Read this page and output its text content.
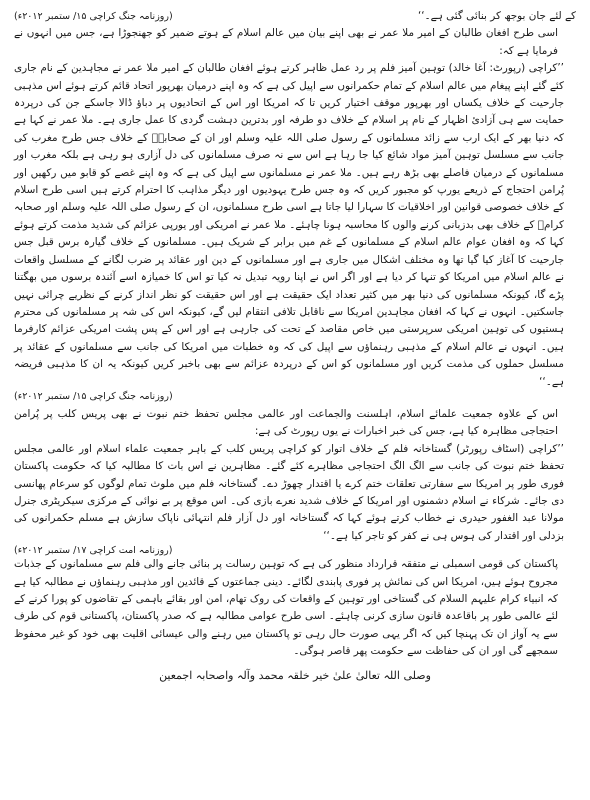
کے لئے جان بوجھ کر بنائی گئی ہے۔‘‘
(روزنامہ جنگ کراچی ۱۵/ ستمبر ۲۰۱۲ء)

اسی طرح افغان طالبان کے امیر ملا عمر نے بھی اپنے بیان میں عالم اسلام کے ہوتے ضمیر کو جھنجوڑا ہے، جس میں انہوں نے فرمایا ہے کہ:

’’کراچی (رپورٹ: آغا خالد) توہین آمیز فلم پر رد عمل ظاہر کرتے ہوئے افغان طالبان کے امیر ملا عمر نے مجاہدین کے نام جاری کئے گئے اپنے پیغام میں عالم اسلام کے تمام حکمرانوں سے اپیل کی ہے کہ وہ اپنے درمیان بھرپور اتحاد قائم کرتے ہوئے اس مذہبی جارحیت کے خلاف یکساں اور بھرپور موقف اختیار کریں تا کہ امریکا اور اس کے اتحادیوں پر دباؤ ڈالا جاسکے جن کی درپردہ حمایت سے ہی آزادیٔ اظہار کے نام پر اسلام کے خلاف دو طرفہ اور بدترین دہشت گردی کا عمل جاری ہے۔ ملا عمر نے کہا ہے کہ دنیا بھر کے ایک ارب سے زائد مسلمانوں کے رسول صلی اللہ علیہ وسلم اور ان کے صحابہؓ کے خلاف جس طرح مغرب کی جانب سے مسلسل توہین آمیز مواد شائع کیا جا رہا ہے اس سے نہ صرف مسلمانوں کی دل آزاری ہو رہی ہے بلکہ مغرب اور مسلمانوں کے درمیان فاصلے بھی بڑھ رہے ہیں۔ ملا عمر نے مسلمانوں سے اپیل کی ہے کہ وہ اپنے غصے کو قابو میں رکھیں اور پُرامن احتجاج کے ذریعے یورپ کو مجبور کریں کہ وہ جس طرح یہودیوں اور دیگر مذاہب کا احترام کرتے ہیں اسی طرح اسلام کے خلاف خصوصی قوانین اور اخلاقیات کا سہارا لیا جاتا ہے اسی طرح مسلمانوں، ان کے رسول صلی اللہ علیہ وسلم اور صحابہ کرامؓ کے خلاف بھی بدزبانی کرنے والوں کا محاسبہ ہونا چاہئے۔ ملا عمر نے امریکی اور یورپی عزائم کی شدید مذمت کرتے ہوئے کہا کہ وہ افغان عوام عالم اسلام کے مسلمانوں کے غم میں برابر کے شریک ہیں۔ مسلمانوں کے خلاف گیارہ برس قبل جس جارحیت کا آغاز کیا گیا تھا وہ مختلف اشکال میں جاری ہے اور مسلمانوں کے دین اور عقائد پر ضرب لگانے کے مسلسل واقعات نے عالم اسلام میں امریکا کو تنہا کر دیا ہے اور اگر اس نے اپنا رویہ تبدیل نہ کیا تو اس کا خمیازہ اسے آئندہ برسوں میں بھگتنا پڑے گا، کیونکہ مسلمانوں کی دنیا بھر میں کثیر تعداد ایک حقیقت ہے اور اس حقیقت کو نظر انداز کرنے کے نظریے چرائی نہیں جاسکتیں۔ انہوں نے کہا کہ افغان مجاہدین امریکا سے ناقابل تلافی انتقام لیں گے، کیونکہ اس کی شہ پر مسلمانوں کی محترم ہستیوں کی توہین امریکی سرپرستی میں خاص مقاصد کے تحت کی جارہی ہے اور اس کے پس پشت امریکی عزائم کارفرما ہیں۔ انہوں نے عالم اسلام کے مذہبی رہنماؤں سے اپیل کی کہ وہ خطبات میں امریکا کی جانب سے مسلمانوں کے عقائد پر مسلسل حملوں کی مذمت کریں اور مسلمانوں کو اس کے درپردہ عزائم سے بھی باخبر کریں کیونکہ یہ ان کا مذہبی فریضہ ہے۔‘‘

(روزنامہ جنگ کراچی ۱۵/ ستمبر ۲۰۱۲ء)

اس کے علاوہ جمعیت علمائے اسلام، اہلسنت والجماعت اور عالمی مجلس تحفظ ختم نبوت نے بھی پریس کلب پر پُرامن احتجاجی مظاہرہ کیا ہے، جس کی خبر اخبارات نے یوں رپورٹ کی ہے:

’’کراچی (اسٹاف رپورٹر) گستاخانہ فلم کے خلاف اتوار کو کراچی پریس کلب کے باہر جمعیت علماء اسلام اور عالمی مجلس تحفظ ختم نبوت کی جانب سے الگ الگ احتجاجی مظاہرے کئے گئے۔ مظاہرین نے اس بات کا مطالبہ کیا کہ حکومت پاکستان فوری طور پر امریکا سے سفارتی تعلقات ختم کرے یا اقتدار چھوڑ دے۔ گستاخانہ فلم میں ملوث تمام لوگوں کو سرعام پھانسی دی جائے۔ شرکاء نے اسلام دشمنوں اور امریکا کے خلاف شدید نعرے بازی کی۔ اس موقع پر بے نوائی کے مرکزی سیکریٹری جنرل مولانا عبد الغفور حیدری نے خطاب کرتے ہوئے کہا کہ گستاخانہ اور دل آزار فلم انتہائی ناپاک سازش ہے مسلم حکمرانوں کی بزدلی اور اقتدار کی ہوس ہی نے کفر کو تاجر کیا ہے۔‘‘

(روزنامہ امت کراچی ۱۷/ ستمبر ۲۰۱۲ء)

پاکستان کی قومی اسمبلی نے متفقہ قرارداد منظور کی ہے کہ توہین رسالت پر بنائی جانے والی فلم سے مسلمانوں کے جذبات مجروح ہوئے ہیں، امریکا اس کی نمائش پر فوری پابندی لگائے۔ دینی جماعتوں کے قائدین اور مذہبی رہنماؤں نے مطالبہ کیا ہے کہ انبیاء کرام علیہم السلام کی گستاخی اور توہین کے واقعات کی روک تھام، امن اور بقائے باہمی کے تقاضوں کو پورا کرنے کے لئے عالمی طور پر باقاعدہ قانون سازی کرنی چاہئے۔ اسی طرح عوامی مطالبہ ہے کہ صدر پاکستان، پاکستانی قوم کی طرف سے یہ آواز ان تک پہنچا کیں کہ اگر یہی صورت حال رہی تو پاکستان میں رہنے والی عیسائی اقلیت بھی خود کو غیر محفوظ سمجھے گی اور ان کی حفاظت سے حکومت پھر قاصر ہوگی۔

وصلی اللہ تعالیٰ علیٰ خیر خلقہ محمد وآلہ واصحابہ اجمعین
